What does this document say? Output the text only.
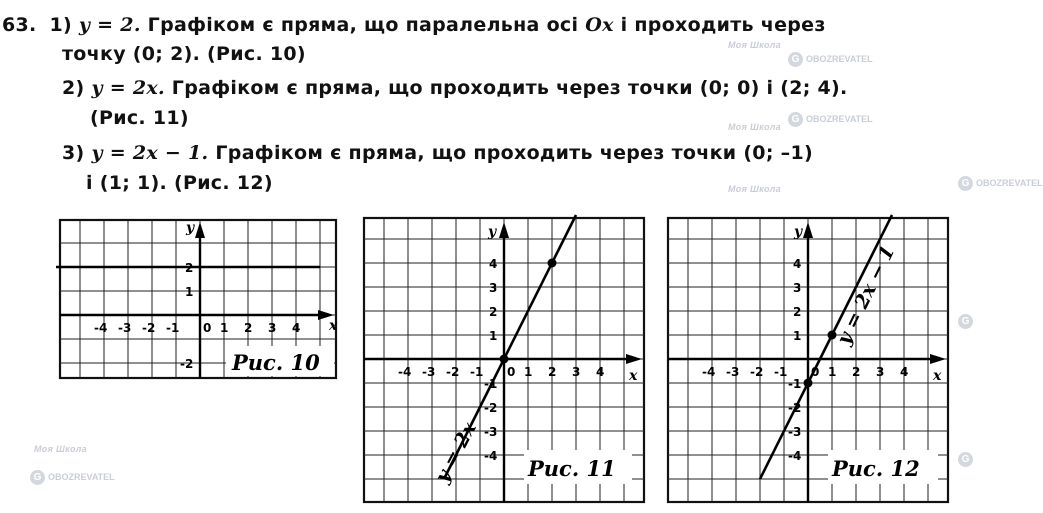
Моя Школа
G OBOZREVATEL
Моя Школа
G OBOZREVATEL
Моя Школа	G OBOZREVATEL
G
G
Моя Школа
G OBOZREVATEL
63. 1) y = 2. Графіком є пряма, що паралельна осі Ox і проходить через
точку (0; 2). (Рис. 10)
2) y = 2x. Графіком є пряма, що проходить через точки (0; 0) і (2; 4).
(Рис. 11)
3) y = 2x − 1. Графіком є пряма, що проходить через точки (0; –1)
і (1; 1). (Рис. 12)
-4 -3 -2 -1 0 1 2 3 4
2
1
-2
x
y
Рис. 10	-4 -3 -2 -1 0 1 2 3 4
4
3
2
1
-1
-2
-3
-4
x
y
Рис. 11
y = 2x
-4 -3 -2 -1 0 1 2 3 4
4
3
2
1
-1
-2
-3
-4
x
y
Рис. 12
y = 2x − 1
